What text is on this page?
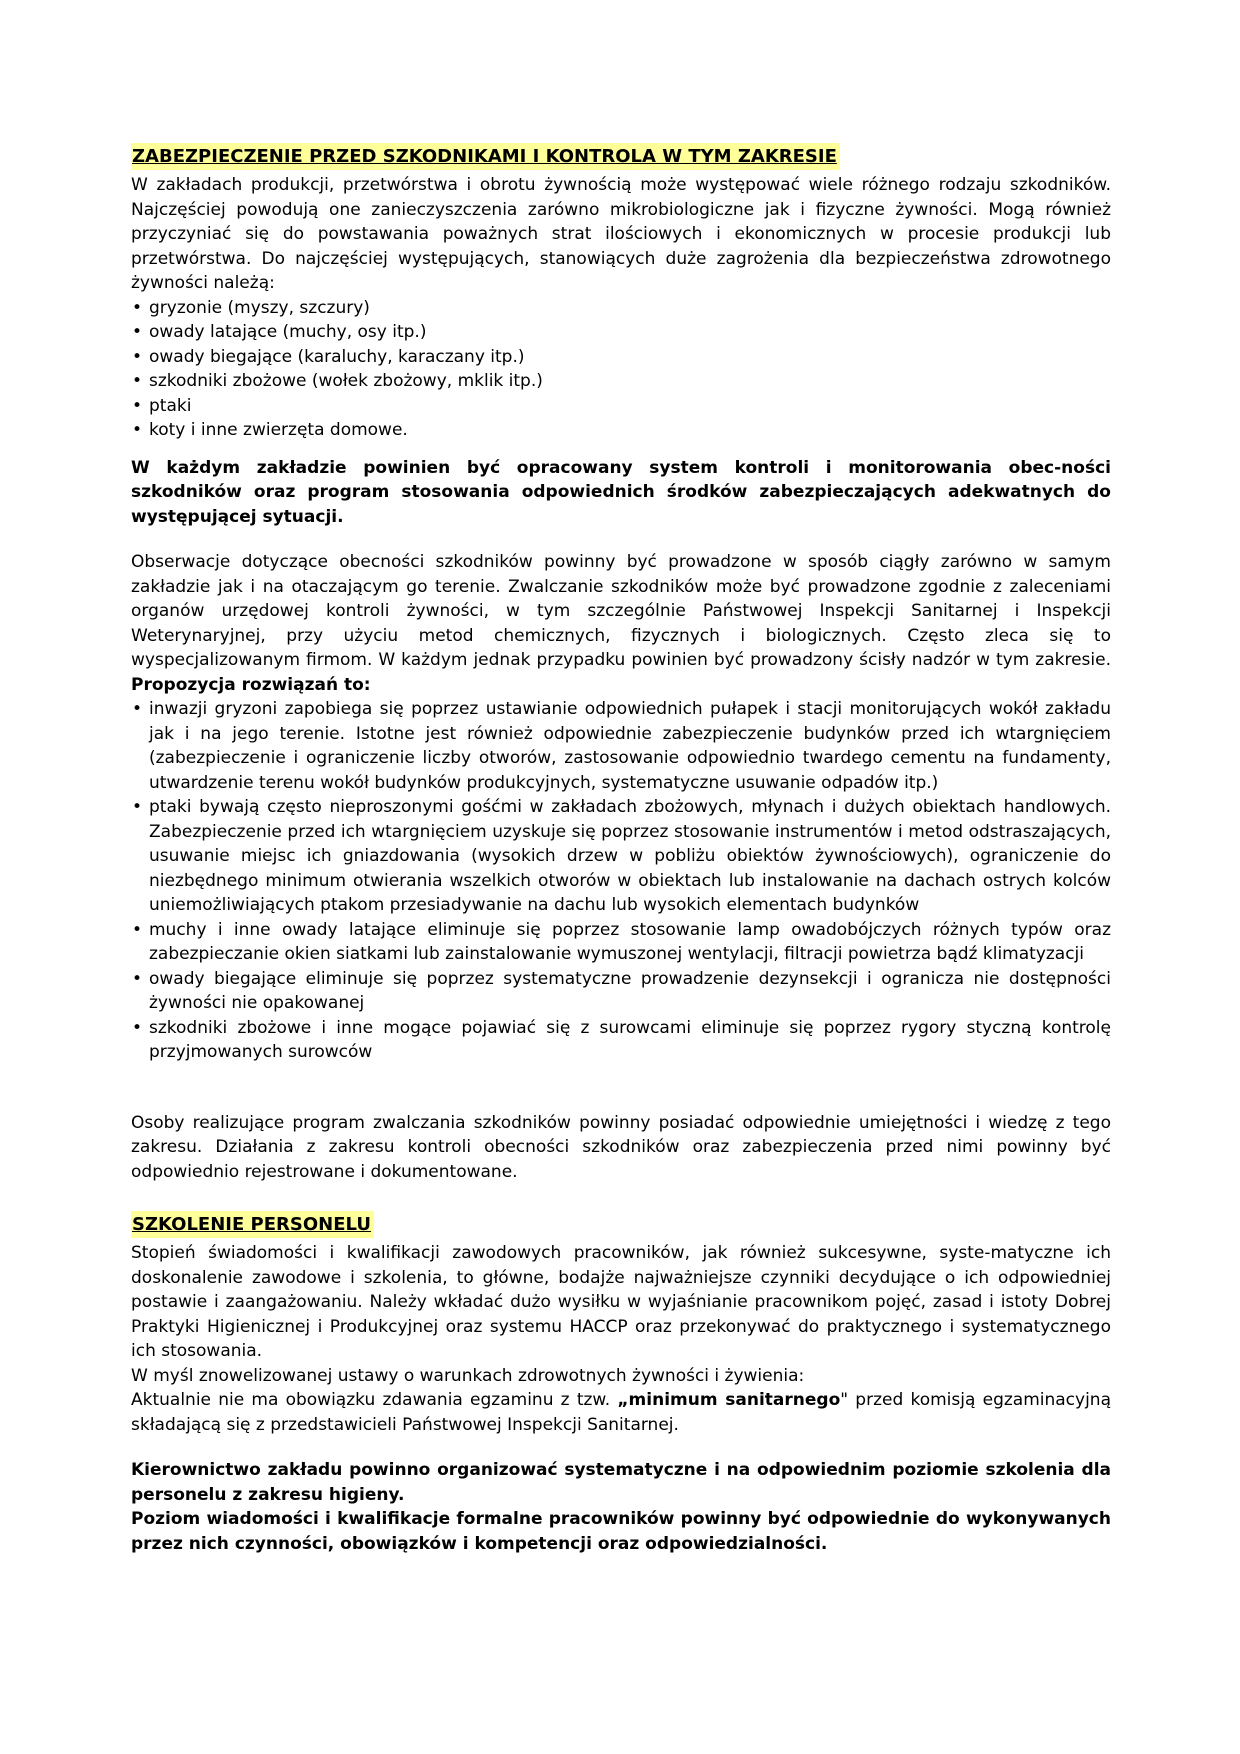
ZABEZPIECZENIE PRZED SZKODNIKAMI I KONTROLA W TYM ZAKRESIE

W zakładach produkcji, przetwórstwa i obrotu żywnością może występować wiele różnego rodzaju szkodników. Najczęściej powodują one zanieczyszczenia zarówno mikrobiologiczne jak i fizyczne żywności. Mogą również przyczyniać się do powstawania poważnych strat ilościowych i ekonomicznych w procesie produkcji lub przetwórstwa. Do najczęściej występujących, stanowiących duże zagrożenia dla bezpieczeństwa zdrowotnego żywności należą:

• gryzonie (myszy, szczury)
• owady latające (muchy, osy itp.)
• owady biegające (karaluchy, karaczany itp.)
• szkodniki zbożowe (wołek zbożowy, mklik itp.)
• ptaki
• koty i inne zwierzęta domowe.

W każdym zakładzie powinien być opracowany system kontroli i monitorowania obec-ności szkodników oraz program stosowania odpowiednich środków zabezpieczających adekwatnych do występującej sytuacji.

Obserwacje dotyczące obecności szkodników powinny być prowadzone w sposób ciągły zarówno w samym zakładzie jak i na otaczającym go terenie. Zwalczanie szkodników może być prowadzone zgodnie z zaleceniami organów urzędowej kontroli żywności, w tym szczególnie Państwowej Inspekcji Sanitarnej i Inspekcji Weterynaryjnej, przy użyciu metod chemicznych, fizycznych i biologicznych. Często zleca się to wyspecjalizowanym firmom. W każdym jednak przypadku powinien być prowadzony ścisły nadzór w tym zakresie. Propozycja rozwiązań to:

• inwazji gryzoni zapobiega się poprzez ustawianie odpowiednich pułapek i stacji monitorujących wokół zakładu jak i na jego terenie. Istotne jest również odpowiednie zabezpieczenie budynków przed ich wtargnięciem (zabezpieczenie i ograniczenie liczby otworów, zastosowanie odpowiednio twardego cementu na fundamenty, utwardzenie terenu wokół budynków produkcyjnych, systematyczne usuwanie odpadów itp.)
• ptaki bywają często nieproszonymi gośćmi w zakładach zbożowych, młynach i dużych obiektach handlowych. Zabezpieczenie przed ich wtargnięciem uzyskuje się poprzez stosowanie instrumentów i metod odstraszających, usuwanie miejsc ich gniazdowania (wysokich drzew w pobliżu obiektów żywnościowych), ograniczenie do niezbędnego minimum otwierania wszelkich otworów w obiektach lub instalowanie na dachach ostrych kolców uniemożliwiających ptakom przesiadywanie na dachu lub wysokich elementach budynków
• muchy i inne owady latające eliminuje się poprzez stosowanie lamp owadobójczych różnych typów oraz zabezpieczanie okien siatkami lub zainstalowanie wymuszonej wentylacji, filtracji powietrza bądź klimatyzacji
• owady biegające eliminuje się poprzez systematyczne prowadzenie dezynsekcji i ogranicza nie dostępności żywności nie opakowanej
• szkodniki zbożowe i inne mogące pojawiać się z surowcami eliminuje się poprzez rygory styczną kontrolę przyjmowanych surowców

Osoby realizujące program zwalczania szkodników powinny posiadać odpowiednie umiejętności i wiedzę z tego zakresu. Działania z zakresu kontroli obecności szkodników oraz zabezpieczenia przed nimi powinny być odpowiednio rejestrowane i dokumentowane.

SZKOLENIE PERSONELU

Stopień świadomości i kwalifikacji zawodowych pracowników, jak również sukcesywne, syste-matyczne ich doskonalenie zawodowe i szkolenia, to główne, bodajże najważniejsze czynniki decydujące o ich odpowiedniej postawie i zaangażowaniu. Należy wkładać dużo wysiłku w wyjaśnianie pracownikom pojęć, zasad i istoty Dobrej Praktyki Higienicznej i Produkcyjnej oraz systemu HACCP oraz przekonywać do praktycznego i systematycznego ich stosowania.

W myśl znowelizowanej ustawy o warunkach zdrowotnych żywności i żywienia:

Aktualnie nie ma obowiązku zdawania egzaminu z tzw. „minimum sanitarnego" przed komisją egzaminacyjną składającą się z przedstawicieli Państwowej Inspekcji Sanitarnej.

Kierownictwo zakładu powinno organizować systematyczne i na odpowiednim poziomie szkolenia dla personelu z zakresu higieny.

Poziom wiadomości i kwalifikacje formalne pracowników powinny być odpowiednie do wykonywanych przez nich czynności, obowiązków i kompetencji oraz odpowiedzialności.
